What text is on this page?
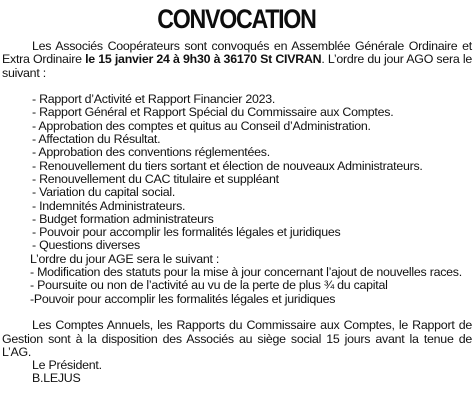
CONVOCATION

Les Associés Coopérateurs sont convoqués en Assemblée Générale Ordinaire et Extra Ordinaire le 15 janvier 24 à 9h30 à 36170 St CIVRAN. L’ordre du jour AGO sera le suivant :

- Rapport d’Activité et Rapport Financier 2023.
- Rapport Général et Rapport Spécial du Commissaire aux Comptes.
- Approbation des comptes et quitus au Conseil d’Administration.
- Affectation du Résultat.
- Approbation des conventions réglementées.
- Renouvellement du tiers sortant et élection de nouveaux Administrateurs.
- Renouvellement du CAC titulaire et suppléant
- Variation du capital social.
- Indemnités Administrateurs.
- Budget formation administrateurs
- Pouvoir pour accomplir les formalités légales et juridiques
- Questions diverses

L’ordre du jour AGE sera le suivant :

- Modification des statuts pour la mise à jour concernant l’ajout de nouvelles races.
- Poursuite ou non de l’activité au vu de la perte de plus ¾ du capital
-Pouvoir pour accomplir les formalités légales et juridiques

Les Comptes Annuels, les Rapports du Commissaire aux Comptes, le Rapport de Gestion sont à la disposition des Associés au siège social 15 jours avant la tenue de L’AG.

Le Président.

B.LEJUS
